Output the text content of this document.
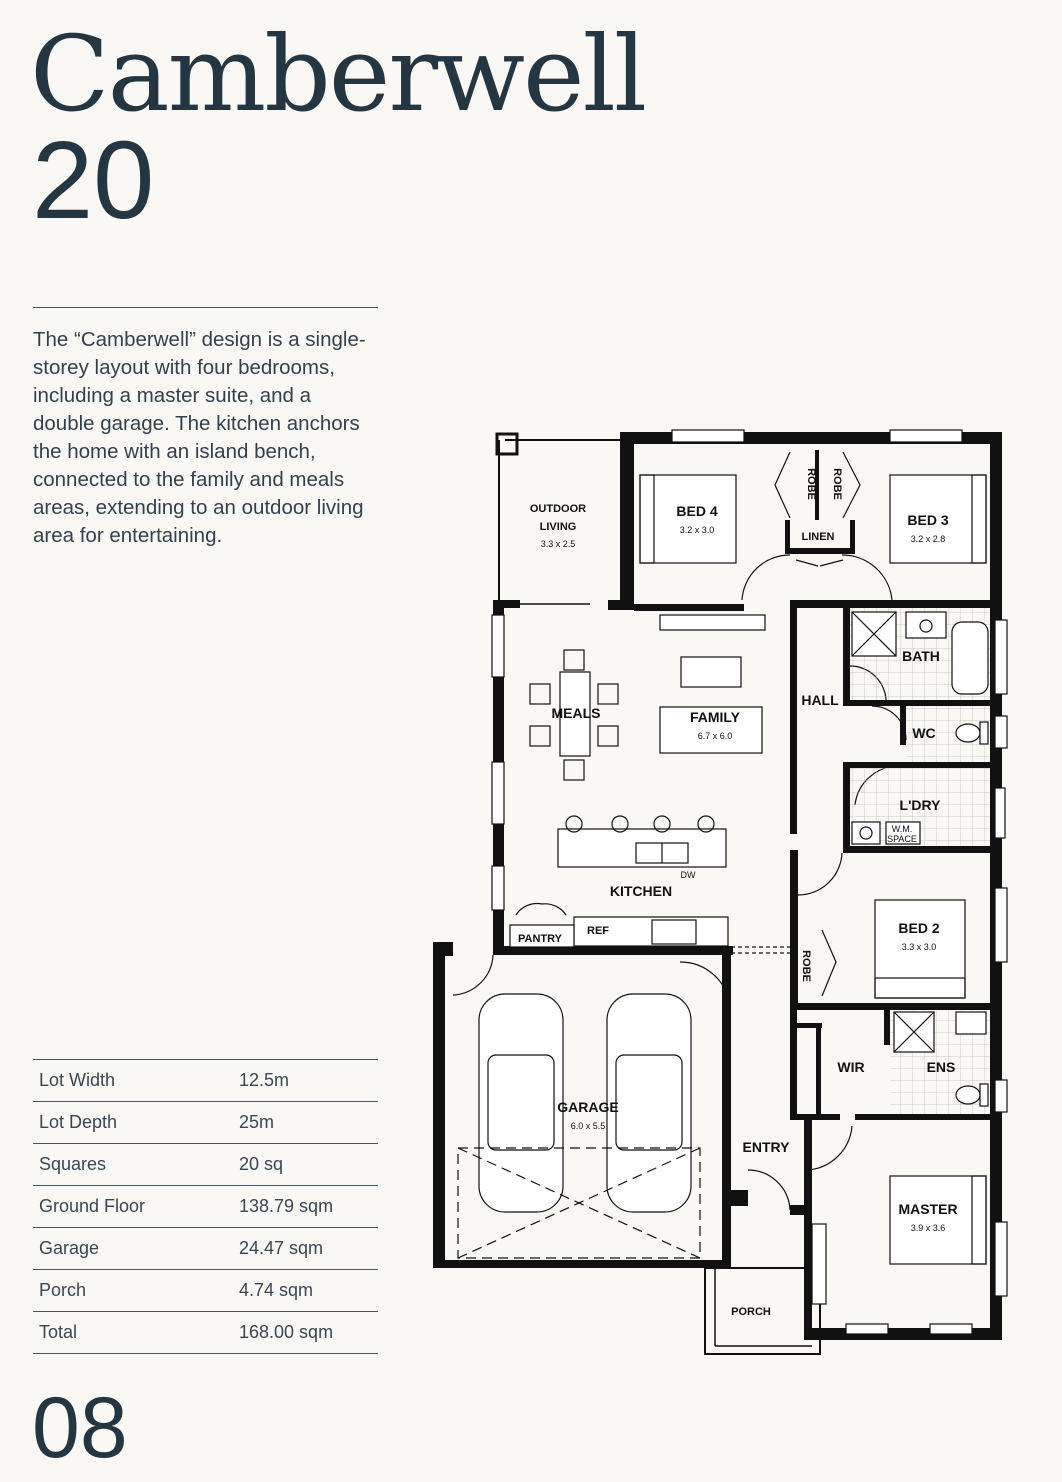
Camberwell
20

The “Camberwell” design is a single-storey layout with four bedrooms, including a master suite, and a double garage. The kitchen anchors the home with an island bench, connected to the family and meals areas, extending to an outdoor living area for entertaining.

Lot Width	12.5m
Lot Depth	25m
Squares	20 sq
Ground Floor	138.79 sqm
Garage	24.47 sqm
Porch	4.74 sqm
Total	168.00 sqm
08
OUTDOOR
LIVING
3.3 x 2.5
BED 4
3.2 x 3.0
ROBE ROBE
LINEN
BED 3
3.2 x 2.8
BATH
HALL
WC
L'DRY
W.M.
SPACE
MEALS	FAMILY
6.7 x 6.0
KITCHEN
DW
PANTRY
REF	BED 2
3.3 x 3.0
ROBE
WIR	ENS
GARAGE
6.0 x 5.5
ENTRY
MASTER
3.9 x 3.6
PORCH
